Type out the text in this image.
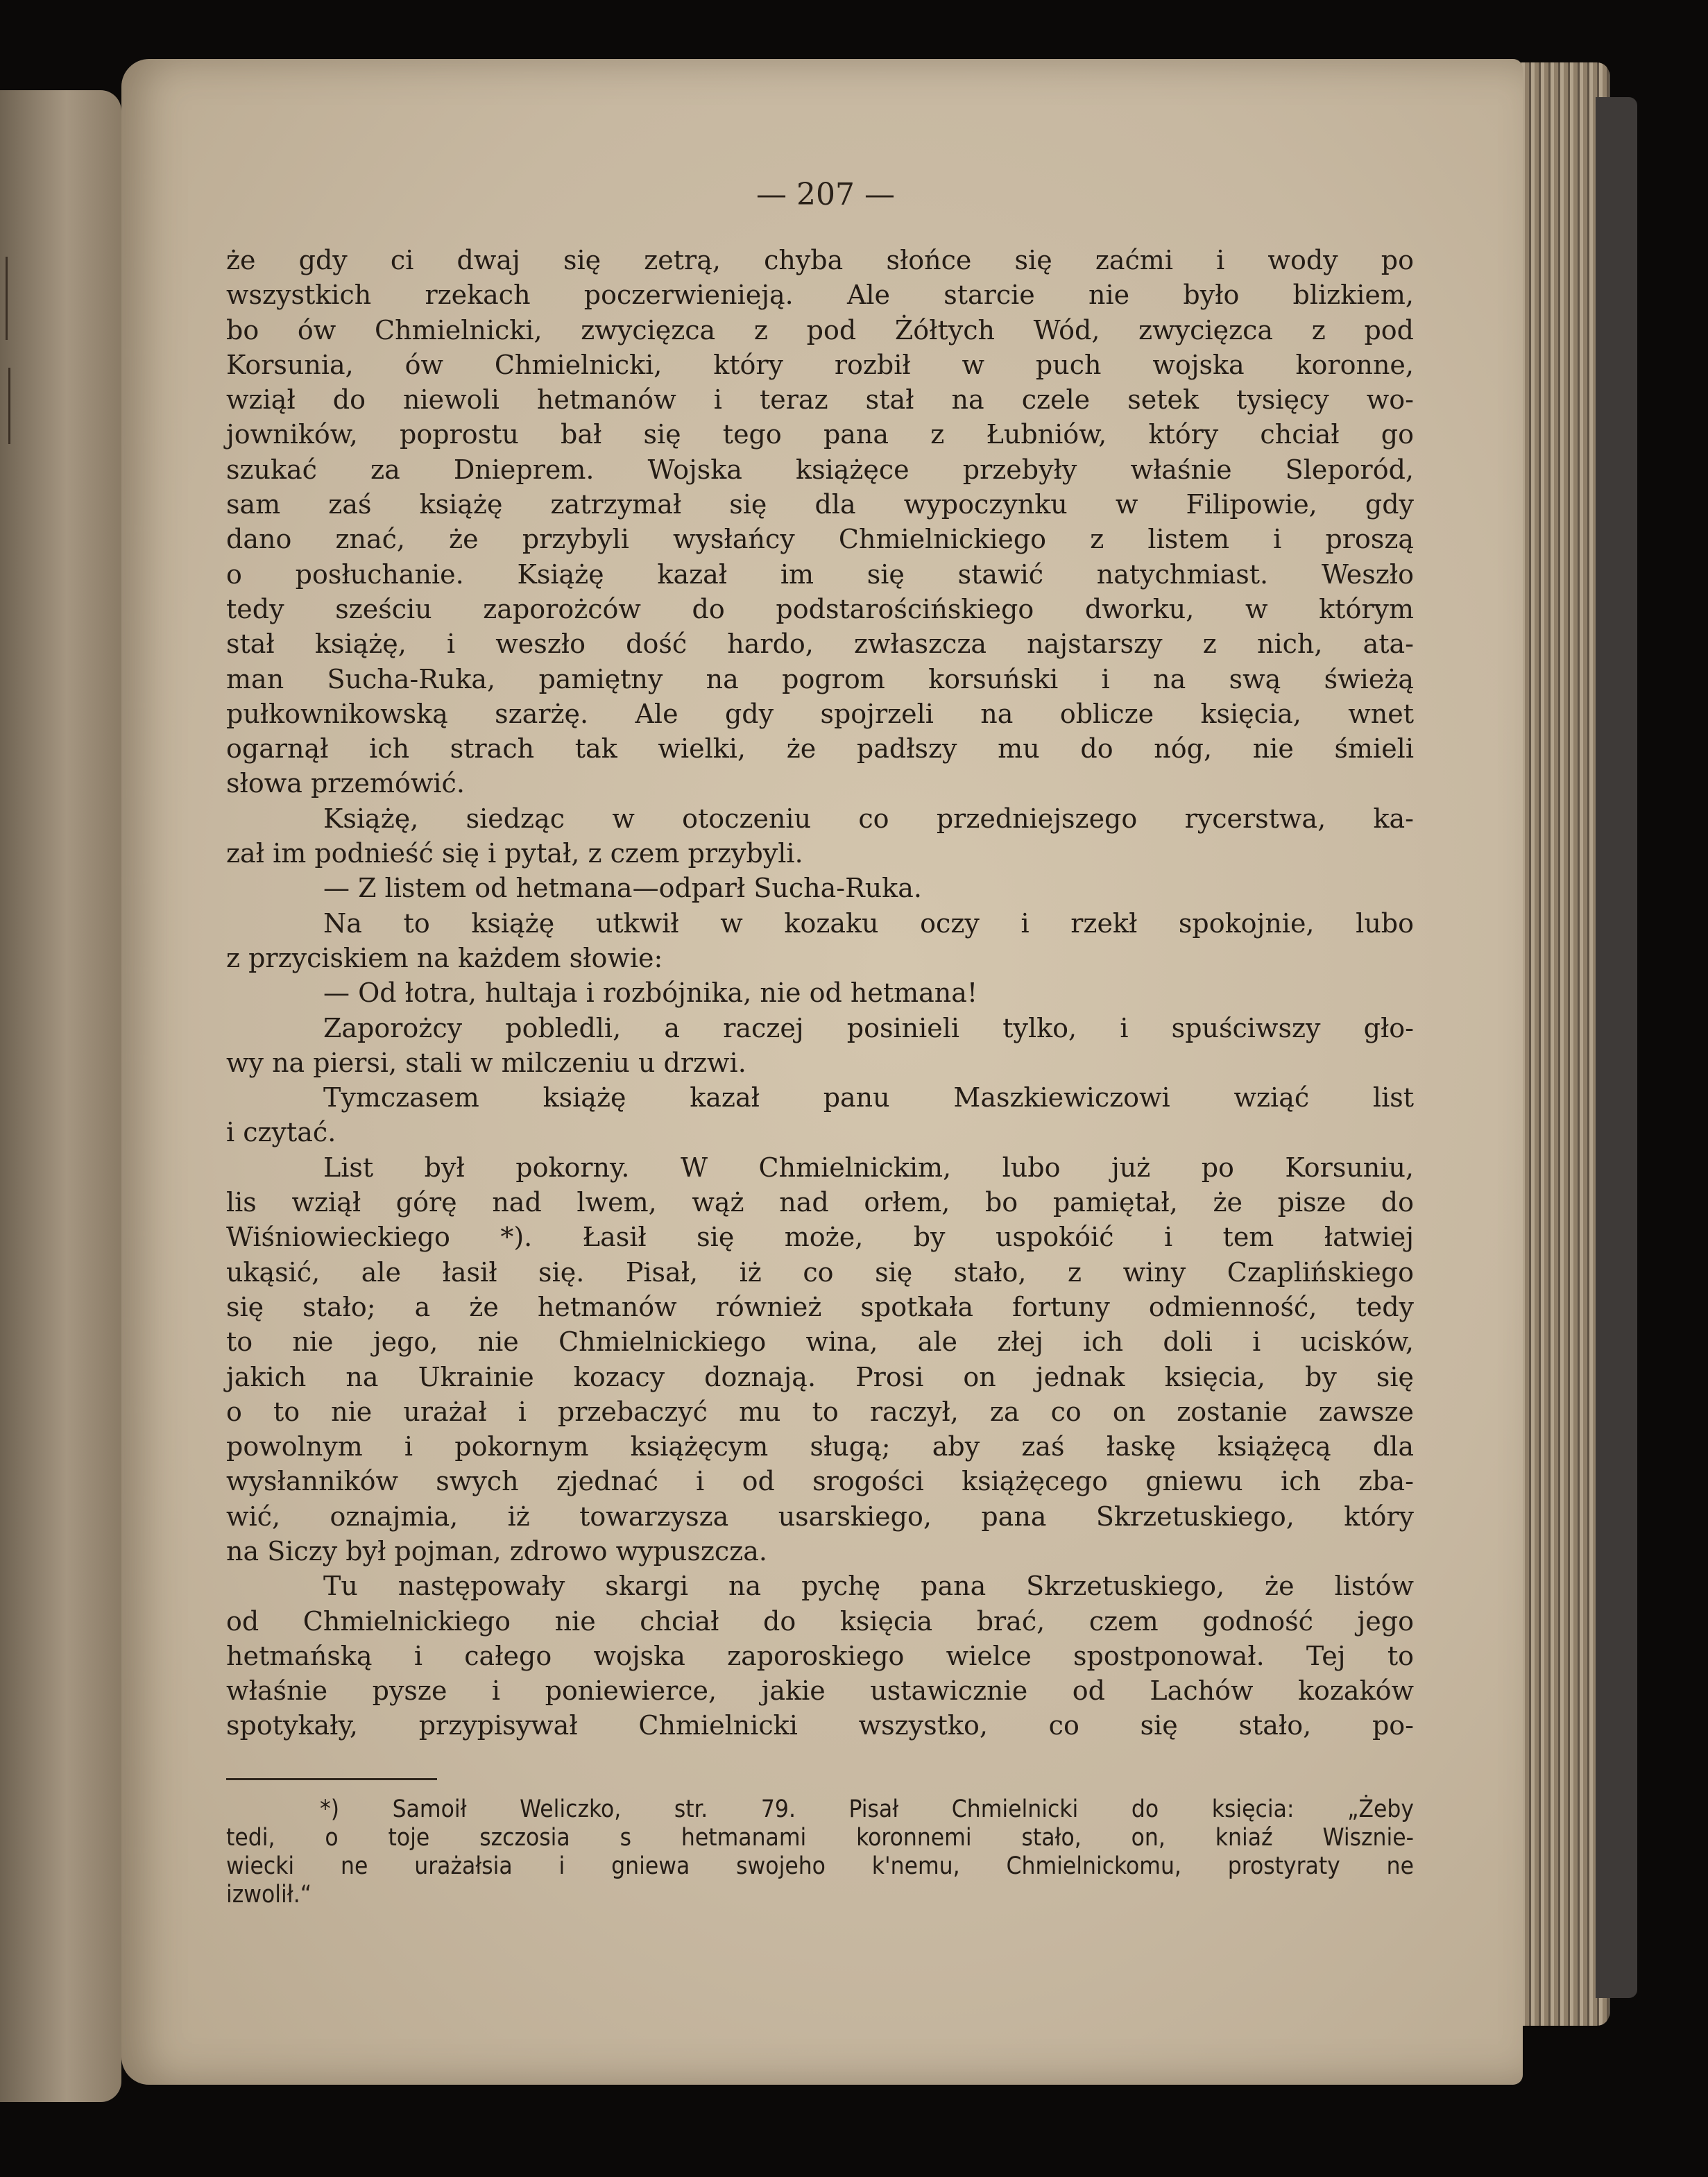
— 207 —

że gdy ci dwaj się zetrą, chyba słońce się zaćmi i wody po

wszystkich rzekach poczerwienieją. Ale starcie nie było blizkiem,

bo ów Chmielnicki, zwycięzca z pod Żółtych Wód, zwycięzca z pod

Korsunia, ów Chmielnicki, który rozbił w puch wojska koronne,

wziął do niewoli hetmanów i teraz stał na czele setek tysięcy wo-

jowników, poprostu bał się tego pana z Łubniów, który chciał go

szukać za Dnieprem. Wojska książęce przebyły właśnie Sleporód,

sam zaś książę zatrzymał się dla wypoczynku w Filipowie, gdy

dano znać, że przybyli wysłańcy Chmielnickiego z listem i proszą

o posłuchanie. Książę kazał im się stawić natychmiast. Weszło

tedy sześciu zaporożców do podstarościńskiego dworku, w którym

stał książę, i weszło dość hardo, zwłaszcza najstarszy z nich, ata-

man Sucha-Ruka, pamiętny na pogrom korsuński i na swą świeżą

pułkownikowską szarżę. Ale gdy spojrzeli na oblicze księcia, wnet

ogarnął ich strach tak wielki, że padłszy mu do nóg, nie śmieli

słowa przemówić.

Książę, siedząc w otoczeniu co przedniejszego rycerstwa, ka-

zał im podnieść się i pytał, z czem przybyli.

— Z listem od hetmana—odparł Sucha-Ruka.

Na to książę utkwił w kozaku oczy i rzekł spokojnie, lubo

z przyciskiem na każdem słowie:

— Od łotra, hultaja i rozbójnika, nie od hetmana!

Zaporożcy pobledli, a raczej posinieli tylko, i spuściwszy gło-

wy na piersi, stali w milczeniu u drzwi.

Tymczasem książę kazał panu Maszkiewiczowi wziąć list

i czytać.

List był pokorny. W Chmielnickim, lubo już po Korsuniu,

lis wziął górę nad lwem, wąż nad orłem, bo pamiętał, że pisze do

Wiśniowieckiego *). Łasił się może, by uspokóić i tem łatwiej

ukąsić, ale łasił się. Pisał, iż co się stało, z winy Czaplińskiego

się stało; a że hetmanów również spotkała fortuny odmienność, tedy

to nie jego, nie Chmielnickiego wina, ale złej ich doli i ucisków,

jakich na Ukrainie kozacy doznają. Prosi on jednak księcia, by się

o to nie urażał i przebaczyć mu to raczył, za co on zostanie zawsze

powolnym i pokornym książęcym sługą; aby zaś łaskę książęcą dla

wysłanników swych zjednać i od srogości książęcego gniewu ich zba-

wić, oznajmia, iż towarzysza usarskiego, pana Skrzetuskiego, który

na Siczy był pojman, zdrowo wypuszcza.

Tu następowały skargi na pychę pana Skrzetuskiego, że listów

od Chmielnickiego nie chciał do księcia brać, czem godność jego

hetmańską i całego wojska zaporoskiego wielce spostponował. Tej to

właśnie pysze i poniewierce, jakie ustawicznie od Lachów kozaków

spotykały, przypisywał Chmielnicki wszystko, co się stało, po-

*) Samoił Weliczko, str. 79. Pisał Chmielnicki do księcia: „Żeby

tedi, o toje szczosia s hetmanami koronnemi stało, on, kniaź Wisznie-

wiecki ne urażałsia i gniewa swojeho k'nemu, Chmielnickomu, prostyraty ne

izwolił.“
